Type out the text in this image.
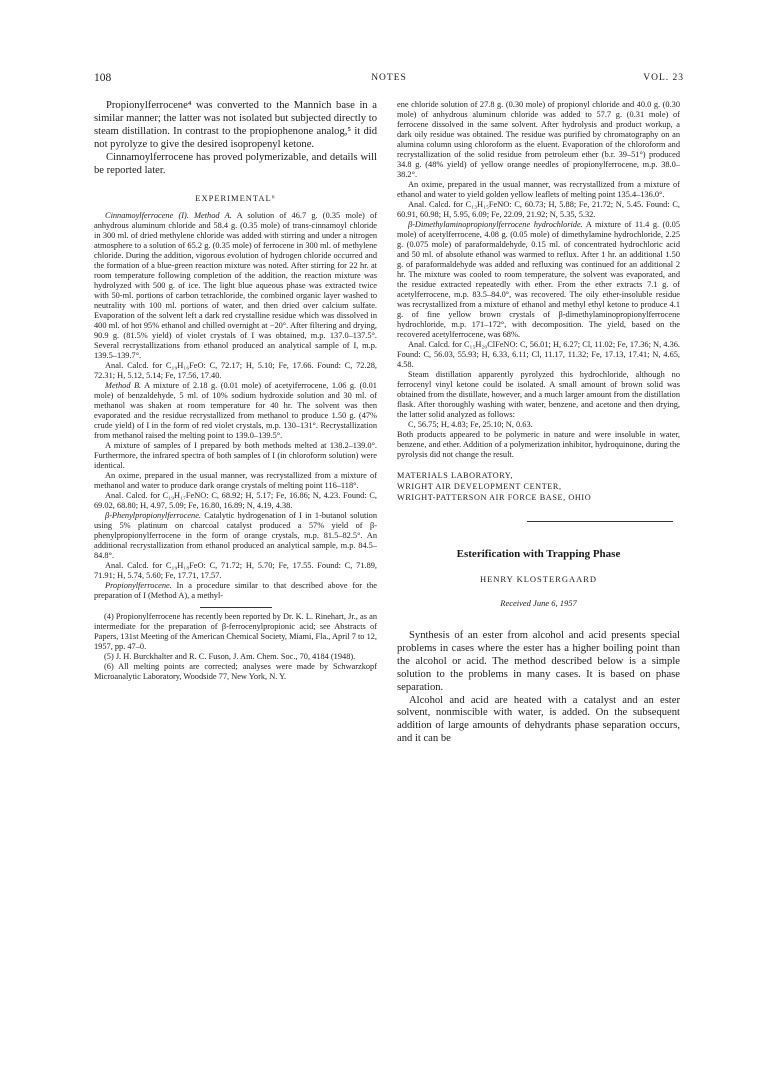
108	NOTES	VOL. 23

Propionylferrocene⁴ was converted to the Mannich base in a similar manner; the latter was not isolated but subjected directly to steam distillation. In contrast to the propiophenone analog,⁵ it did not pyrolyze to give the desired isopropenyl ketone.

Cinnamoylferrocene has proved polymerizable, and details will be reported later.

EXPERIMENTAL⁶

Cinnamoylferrocene (I). Method A. A solution of 46.7 g. (0.35 mole) of anhydrous aluminum chloride and 58.4 g. (0.35 mole) of trans-cinnamoyl chloride in 300 ml. of dried methylene chloride was added with stirring and under a nitrogen atmosphere to a solution of 65.2 g. (0.35 mole) of ferrocene in 300 ml. of methylene chloride. During the addition, vigorous evolution of hydrogen chloride occurred and the formation of a blue-green reaction mixture was noted. After stirring for 22 hr. at room temperature following completion of the addition, the reaction mixture was hydrolyzed with 500 g. of ice. The light blue aqueous phase was extracted twice with 50-ml. portions of carbon tetrachloride, the combined organic layer washed to neutrality with 100 ml. portions of water, and then dried over calcium sulfate. Evaporation of the solvent left a dark red crystalline residue which was dissolved in 400 ml. of hot 95% ethanol and chilled overnight at −20°. After filtering and drying, 90.9 g. (81.5% yield) of violet crystals of I was obtained, m.p. 137.0–137.5°. Several recrystallizations from ethanol produced an analytical sample of I, m.p. 139.5–139.7°.

Anal. Calcd. for C₁₉H₁₆FeO: C, 72.17; H, 5.10; Fe, 17.66. Found: C, 72.28, 72.31; H, 5.12, 5.14; Fe, 17.56, 17.40.

Method B. A mixture of 2.18 g. (0.01 mole) of acetyiferrocene, 1.06 g. (0.01 mole) of benzaldehyde, 5 ml. of 10% sodium hydroxide solution and 30 ml. of methanol was shaken at room temperature for 40 hr. The solvent was then evaporated and the residue recrystallized from methanol to produce 1.50 g. (47% crude yield) of I in the form of red violet crystals, m.p. 130–131°. Recrystallization from methanol raised the melting point to 139.0–139.5°.

A mixture of samples of I prepared by both methods melted at 138.2–139.0°. Furthermore, the infrared spectra of both samples of I (in chloroform solution) were identical.

An oxime, prepared in the usual manner, was recrystallized from a mixture of methanol and water to produce dark orange crystals of melting point 116–118°.

Anal. Calcd. for C₁₉H₁₇FeNO: C, 68.92; H, 5.17; Fe, 16.86; N, 4.23. Found: C, 69.02, 68.80; H, 4.97, 5.09; Fe, 16.80, 16.89; N, 4.19, 4.38.

β-Phenylpropionylferrocene. Catalytic hydrogenation of I in 1-butanol solution using 5% platinum on charcoal catalyst produced a 57% yield of β-phenylpropionylferrocene in the form of orange crystals, m.p. 81.5–82.5°. An additional recrystallization from ethanol produced an analytical sample, m.p. 84.5–84.8°.

Anal. Calcd. for C₁₉H₁₈FeO: C, 71.72; H, 5.70; Fe, 17.55. Found: C, 71.89, 71.91; H, 5.74, 5.60; Fe, 17.71, 17.57.

Propionylferrocene. In a procedure similar to that described above for the preparation of I (Method A), a methyl-

(4) Propionylferrocene has recently been reported by Dr. K. L. Rinehart, Jr., as an intermediate for the preparation of β-ferrocenylpropionic acid; see Abstracts of Papers, 131st Meeting of the American Chemical Society, Miami, Fla., April 7 to 12, 1957, pp. 47–0.

(5) J. H. Burckhalter and R. C. Fuson, J. Am. Chem. Soc., 70, 4184 (1948).

(6) All melting points are corrected; analyses were made by Schwarzkopf Microanalytic Laboratory, Woodside 77, New York, N. Y.

ene chloride solution of 27.8 g. (0.30 mole) of propionyl chloride and 40.0 g. (0.30 mole) of anhydrous aluminum chloride was added to 57.7 g. (0.31 mole) of ferrocene dissolved in the same solvent. After hydrolysis and product workup, a dark oily residue was obtained. The residue was purified by chromatography on an alumina column using chloroform as the eluent. Evaporation of the chloroform and recrystallization of the solid residue from petroleum ether (b.r. 39–51°) produced 34.8 g. (48% yield) of yellow orange needles of propionylferrocene, m.p. 38.0–38.2°.

An oxime, prepared in the usual manner, was recrystallized from a mixture of ethanol and water to yield golden yellow leaflets of melting point 135.4–136.0°.

Anal. Calcd. for C₁₃H₁₅FeNO: C, 60.73; H, 5.88; Fe, 21.72; N, 5.45. Found: C, 60.91, 60.98; H, 5.95, 6.09; Fe, 22.09, 21.92; N, 5.35, 5.32.

β-Dimethylaminopropionylferrocene hydrochloride. A mixture of 11.4 g. (0.05 mole) of acetylferrocene, 4.08 g. (0.05 mole) of dimethylamine hydrochloride, 2.25 g. (0.075 mole) of paraformaldehyde, 0.15 ml. of concentrated hydrochloric acid and 50 ml. of absolute ethanol was warmed to reflux. After 1 hr. an additional 1.50 g. of paraformaldehyde was added and refluxing was continued for an additional 2 hr. The mixture was cooled to room temperature, the solvent was evaporated, and the residue extracted repeatedly with ether. From the ether extracts 7.1 g. of acetylferrocene, m.p. 83.5–84.0°, was recovered. The oily ether-insoluble residue was recrystallized from a mixture of ethanol and methyl ethyl ketone to produce 4.1 g. of fine yellow brown crystals of β-dimethylaminopropionylferrocene hydrochloride, m.p. 171–172°, with decomposition. The yield, based on the recovered acetylferrocene, was 68%.

Anal. Calcd. for C₁₅H₂₀ClFeNO: C, 56.01; H, 6.27; Cl, 11.02; Fe, 17.36; N, 4.36. Found: C, 56.03, 55.93; H, 6.33, 6.11; Cl, 11.17, 11.32; Fe, 17.13, 17.41; N, 4.65, 4.58.

Steam distillation apparently pyrolyzed this hydrochloride, although no ferrocenyl vinyl ketone could be isolated. A small amount of brown solid was obtained from the distillate, however, and a much larger amount from the distillation flask. After thoroughly washing with water, benzene, and acetone and then drying, the latter solid analyzed as follows:

C, 56.75; H, 4.83; Fe, 25.10; N, 0.63.

Both products appeared to be polymeric in nature and were insoluble in water, benzene, and ether. Addition of a polymerization inhibitor, hydroquinone, during the pyrolysis did not change the result.

MATERIALS LABORATORY,
WRIGHT AIR DEVELOPMENT CENTER,
WRIGHT-PATTERSON AIR FORCE BASE, OHIO
Esterification with Trapping Phase
HENRY KLOSTERGAARD
Received June 6, 1957

Synthesis of an ester from alcohol and acid presents special problems in cases where the ester has a higher boiling point than the alcohol or acid. The method described below is a simple solution to the problems in many cases. It is based on phase separation.

Alcohol and acid are heated with a catalyst and an ester solvent, nonmiscible with water, is added. On the subsequent addition of large amounts of dehydrants phase separation occurs, and it can be
